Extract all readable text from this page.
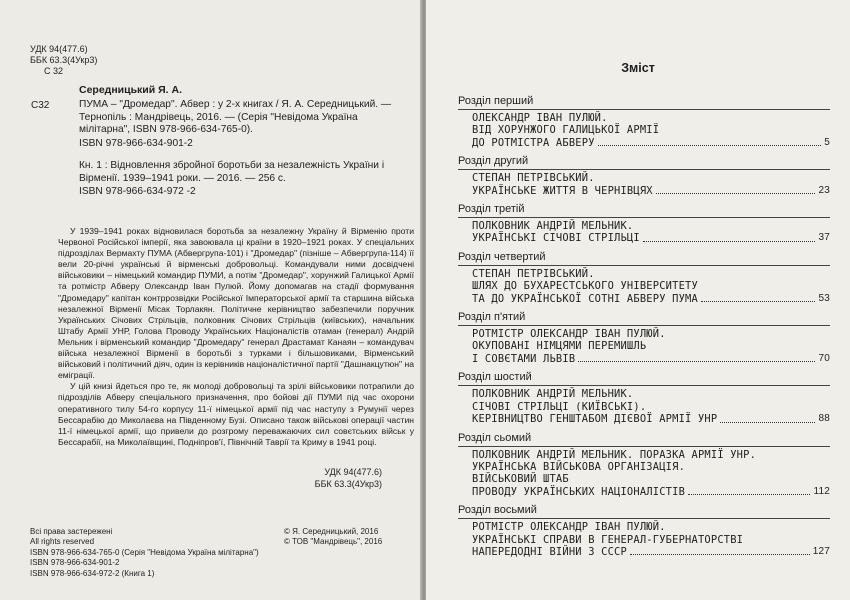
УДК 94(477.6)
ББК 63.3(4Укр3)
С 32
Середницький Я. А.
С32	ПУМА – "Дромедар". Абвер : у 2-х книгах / Я. А. Середницький. — Тернопіль : Мандрівець, 2016. — (Серія "Невідома Україна мілітарна", ISBN 978-966-634-765-0).

ISBN 978-966-634-901-2

Кн. 1 : Відновлення збройної боротьби за незалежність України і Вірменії. 1939–1941 роки. — 2016. — 256 с.

ISBN 978-966-634-972 -2

У 1939–1941 роках відновилася боротьба за незалежну Україну й Вірменію проти Червоної Російської імперії, яка завоювала ці країни в 1920–1921 роках. У спеціальних підрозділах Вермахту ПУМА (Абвергрупа-101) і "Дромедар" (пізніше – Абвергрупа-114) її вели 20-річні українські й вірменські добровольці. Командували ними досвідчені військовики – німецький командир ПУМИ, а потім "Дромедар", хорунжий Галицької Армії та ротмістр Абверу Олександр Іван Пулюй. Йому допомагав на стадії формування "Дромедару" капітан контррозвідки Російської Імператорської армії та старшина війська незалежної Вірменії Місак Торлакян. Політичне керівництво забезпечили поручник Українських Січових Стрільців, полковник Січових Стрільців (київських), начальник Штабу Армії УНР, Голова Проводу Українських Націоналістів отаман (генерал) Андрій Мельник і вірменський командир "Дромедару" генерал Драстамат Канаян – командувач війська незалежної Вірменії в боротьбі з турками і більшовиками, Вірменський військовий і політичний діяч, один із керівників націоналістичної партії "Дашнакцутюн" на еміграції.

У цій книзі йдеться про те, як молоді добровольці та зрілі військовики потрапили до підрозділів Абверу спеціального призначення, про бойові дії ПУМИ під час охорони оперативного тилу 54-го корпусу 11-ї німецької армії під час наступу з Румунії через Бессарабію до Миколаєва на Південному Бузі. Описано також військові операції частин 11-ї німецької армії, що привели до розгрому переважаючих сил совєтських військ у Бессарабії, на Миколаївщині, Подніпров'ї, Північній Таврії та Криму в 1941 році.

УДК 94(477.6)
ББК 63.3(4Укр3)
Всі права застережені
All rights reserved
ISBN 978-966-634-765-0 (Серія "Невідома Україна мілітарна")
ISBN 978-966-634-901-2
ISBN 978-966-634-972-2 (Книга 1)
© Я. Середницький, 2016
© ТОВ "Мандрівець", 2016
Зміст
Розділ перший
ОЛЕКСАНДР ІВАН ПУЛЮЙ.
ВІД ХОРУНЖОГО ГАЛИЦЬКОЇ АРМІЇ
ДО РОТМІСТРА АБВЕРУ	5
Розділ другий
СТЕПАН ПЕТРІВСЬКИЙ.
УКРАЇНСЬКЕ ЖИТТЯ В ЧЕРНІВЦЯХ	23
Розділ третій
ПОЛКОВНИК АНДРІЙ МЕЛЬНИК.
УКРАЇНСЬКІ СІЧОВІ СТРІЛЬЦІ	37
Розділ четвертий
СТЕПАН ПЕТРІВСЬКИЙ.
ШЛЯХ ДО БУХАРЕСТСЬКОГО УНІВЕРСИТЕТУ
ТА ДО УКРАЇНСЬКОЇ СОТНІ АБВЕРУ ПУМА	53
Розділ п'ятий
РОТМІСТР ОЛЕКСАНДР ІВАН ПУЛЮЙ.
ОКУПОВАНІ НІМЦЯМИ ПЕРЕМИШЛЬ
І СОВЄТАМИ ЛЬВІВ	70
Розділ шостий
ПОЛКОВНИК АНДРІЙ МЕЛЬНИК.
СІЧОВІ СТРІЛЬЦІ (КИЇВСЬКІ).
КЕРІВНИЦТВО ГЕНШТАБОМ ДІЄВОЇ АРМІЇ УНР	88
Розділ сьомий
ПОЛКОВНИК АНДРІЙ МЕЛЬНИК. ПОРАЗКА АРМІЇ УНР.
УКРАЇНСЬКА ВІЙСЬКОВА ОРГАНІЗАЦІЯ.
ВІЙСЬКОВИЙ ШТАБ
ПРОВОДУ УКРАЇНСЬКИХ НАЦІОНАЛІСТІВ	112
Розділ восьмий
РОТМІСТР ОЛЕКСАНДР ІВАН ПУЛЮЙ.
УКРАЇНСЬКІ СПРАВИ В ГЕНЕРАЛ-ГУБЕРНАТОРСТВІ
НАПЕРЕДОДНІ ВІЙНИ З СССР	127
